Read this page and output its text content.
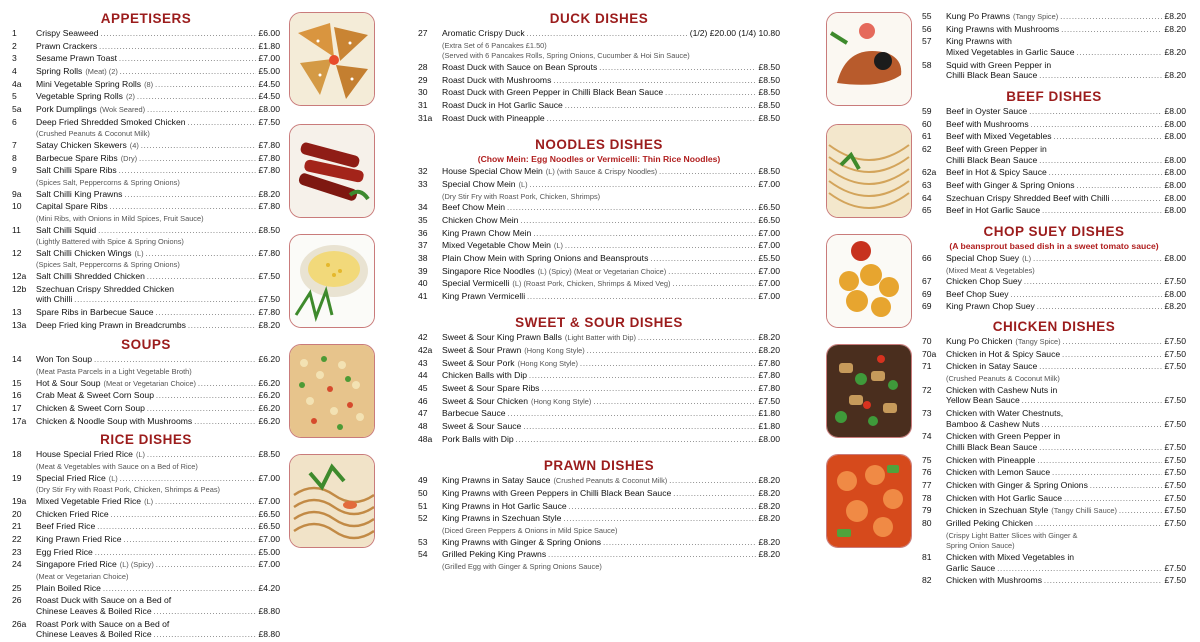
APPETISERS
1	Crispy Seaweed .....	£6.00
2	Prawn Crackers .....	£1.80
3	Sesame Prawn Toast .....	£7.00
4	Spring Rolls (Meat) (2) .....	£5.00
4a	Mini Vegetable Spring Rolls (8) .....	£4.50
5	Vegetable Spring Rolls (2) .....	£4.50
5a	Pork Dumplings (Wok Seared) .....	£8.00
6	Deep Fried Shredded Smoked Chicken .....	£7.50
(Crushed Peanuts & Coconut Milk)
7	Satay Chicken Skewers (4) .....	£7.80
8	Barbecue Spare Ribs (Dry) .....	£7.80
9	Salt Chilli Spare Ribs .....	£7.80
(Spices Salt, Peppercorns & Spring Onions)
9a	Salt Chilli King Prawns .....	£8.20
10	Capital Spare Ribs .....	£7.80
(Mini Ribs, with Onions in Mild Spices, Fruit Sauce)
11	Salt Chilli Squid .....	£8.50
(Lightly Battered with Spice & Spring Onions)
12	Salt Chilli Chicken Wings (L) .....	£7.80
(Spices Salt, Peppercorns & Spring Onions)
12a	Salt Chilli Shredded Chicken .....	£7.50
12b	Szechuan Crispy Shredded Chicken
with Chilli .....	£7.50
13	Spare Ribs in Barbecue Sauce .....	£7.80
13a	Deep Fried king Prawn in Breadcrumbs .....	£8.20
SOUPS
14	Won Ton Soup .....	£6.20
(Meat Pasta Parcels in a Light Vegetable Broth)
15	Hot & Sour Soup (Meat or Vegetarian Choice) .....	£6.20
16	Crab Meat & Sweet Corn Soup .....	£6.20
17	Chicken & Sweet Corn Soup .....	£6.20
17a	Chicken & Noodle Soup with Mushrooms .....	£6.20
RICE DISHES
18	House Special Fried Rice (L) .....	£8.50
(Meat & Vegetables with Sauce on a Bed of Rice)
19	Special Fried Rice (L) .....	£7.00
(Dry Stir Fry with Roast Pork, Chicken, Shrimps & Peas)
19a	Mixed Vegetable Fried Rice (L) .....	£7.00
20	Chicken Fried Rice .....	£6.50
21	Beef Fried Rice .....	£6.50
22	King Prawn Fried Rice .....	£7.00
23	Egg Fried Rice .....	£5.00
24	Singapore Fried Rice (L) (Spicy) .....	£7.00
(Meat or Vegetarian Choice)
25	Plain Boiled Rice .....	£4.20
26	Roast Duck with Sauce on a Bed of
Chinese Leaves & Boiled Rice .....	£8.80
26a	Roast Pork with Sauce on a Bed of
Chinese Leaves & Boiled Rice .....	£8.80
DUCK DISHES
27	Aromatic Crispy Duck .....	(1/2) £20.00 (1/4) 10.80
(Extra Set of 6 Pancakes £1.50)
(Served with 6 Pancakes Rolls, Spring Onions, Cucumber & Hoi Sin Sauce)
28	Roast Duck with Sauce on Bean Sprouts .....	£8.50
29	Roast Duck with Mushrooms .....	£8.50
30	Roast Duck with Green Pepper in Chilli Black Bean Sauce .....	£8.50
31	Roast Duck in Hot Garlic Sauce .....	£8.50
31a	Roast Duck with Pineapple .....	£8.50
NOODLES DISHES
(Chow Mein: Egg Noodles or Vermicelli: Thin Rice Noodles)
32	House Special Chow Mein (L) (with Sauce & Crispy Noodles) .....	£8.50
33	Special Chow Mein (L) .....	£7.00
(Dry Stir Fry with Roast Pork, Chicken, Shrimps)
34	Beef Chow Mein .....	£6.50
35	Chicken Chow Mein .....	£6.50
36	King Prawn Chow Mein .....	£7.00
37	Mixed Vegetable Chow Mein (L) .....	£7.00
38	Plain Chow Mein with Spring Onions and Beansprouts .....	£5.50
39	Singapore Rice Noodles (L) (Spicy) (Meat or Vegetarian Choice) .....	£7.00
40	Special Vermicelli (L) (Roast Pork, Chicken, Shrimps & Mixed Veg) .....	£7.00
41	King Prawn Vermicelli .....	£7.00
SWEET & SOUR DISHES
42	Sweet & Sour King Prawn Balls (Light Batter with Dip) .....	£8.20
42a	Sweet & Sour Prawn (Hong Kong Style) .....	£8.20
43	Sweet & Sour Pork (Hong Kong Style) .....	£7.80
44	Chicken Balls with Dip .....	£7.80
45	Sweet & Sour Spare Ribs .....	£7.80
46	Sweet & Sour Chicken (Hong Kong Style) .....	£7.50
47	Barbecue Sauce .....	£1.80
48	Sweet & Sour Sauce .....	£1.80
48a	Pork Balls with Dip .....	£8.00
PRAWN DISHES
49	King Prawns in Satay Sauce (Crushed Peanuts & Coconut Milk) .....	£8.20
50	King Prawns with Green Peppers in Chilli Black Bean Sauce .....	£8.20
51	King Prawns in Hot Garlic Sauce .....	£8.20
52	King Prawns in Szechuan Style .....	£8.20
(Diced Green Peppers & Onions in Mild Spice Sauce)
53	King Prawns with Ginger & Spring Onions .....	£8.20
54	Grilled Peking King Prawns .....	£8.20
(Grilled Egg with Ginger & Spring Onions Sauce)
55	Kung Po Prawns (Tangy Spice) .....	£8.20
56	King Prawns with Mushrooms .....	£8.20
57	King Prawns with
Mixed Vegetables in Garlic Sauce .....	£8.20
58	Squid with Green Pepper in
Chilli Black Bean Sauce .....	£8.20
BEEF DISHES
59	Beef in Oyster Sauce .....	£8.00
60	Beef with Mushrooms .....	£8.00
61	Beef with Mixed Vegetables .....	£8.00
62	Beef with Green Pepper in
Chilli Black Bean Sauce .....	£8.00
62a	Beef in Hot & Spicy Sauce .....	£8.00
63	Beef with Ginger & Spring Onions .....	£8.00
64	Szechuan Crispy Shredded Beef with Chilli .....	£8.00
65	Beef in Hot Garlic Sauce .....	£8.00
CHOP SUEY DISHES
(A beansprout based dish in a sweet tomato sauce)
66	Special Chop Suey (L) .....	£8.00
(Mixed Meat & Vegetables)
67	Chicken Chop Suey .....	£7.50
69	Beef Chop Suey .....	£8.00
69	King Prawn Chop Suey .....	£8.20
CHICKEN DISHES
70	Kung Po Chicken (Tangy Spice) .....	£7.50
70a	Chicken in Hot & Spicy Sauce .....	£7.50
71	Chicken in Satay Sauce .....	£7.50
(Crushed Peanuts & Coconut Milk)
72	Chicken with Cashew Nuts in
Yellow Bean Sauce .....	£7.50
73	Chicken with Water Chestnuts,
Bamboo & Cashew Nuts .....	£7.50
74	Chicken with Green Pepper in
Chilli Black Bean Sauce .....	£7.50
75	Chicken with Pineapple .....	£7.50
76	Chicken with Lemon Sauce .....	£7.50
77	Chicken with Ginger & Spring Onions .....	£7.50
78	Chicken with Hot Garlic Sauce .....	£7.50
79	Chicken in Szechuan Style (Tangy Chilli Sauce) .....	£7.50
80	Grilled Peking Chicken .....	£7.50
(Crispy Light Batter Slices with Ginger &
Spring Onion Sauce)
81	Chicken with Mixed Vegetables in
Garlic Sauce .....	£7.50
82	Chicken with Mushrooms .....	£7.50
